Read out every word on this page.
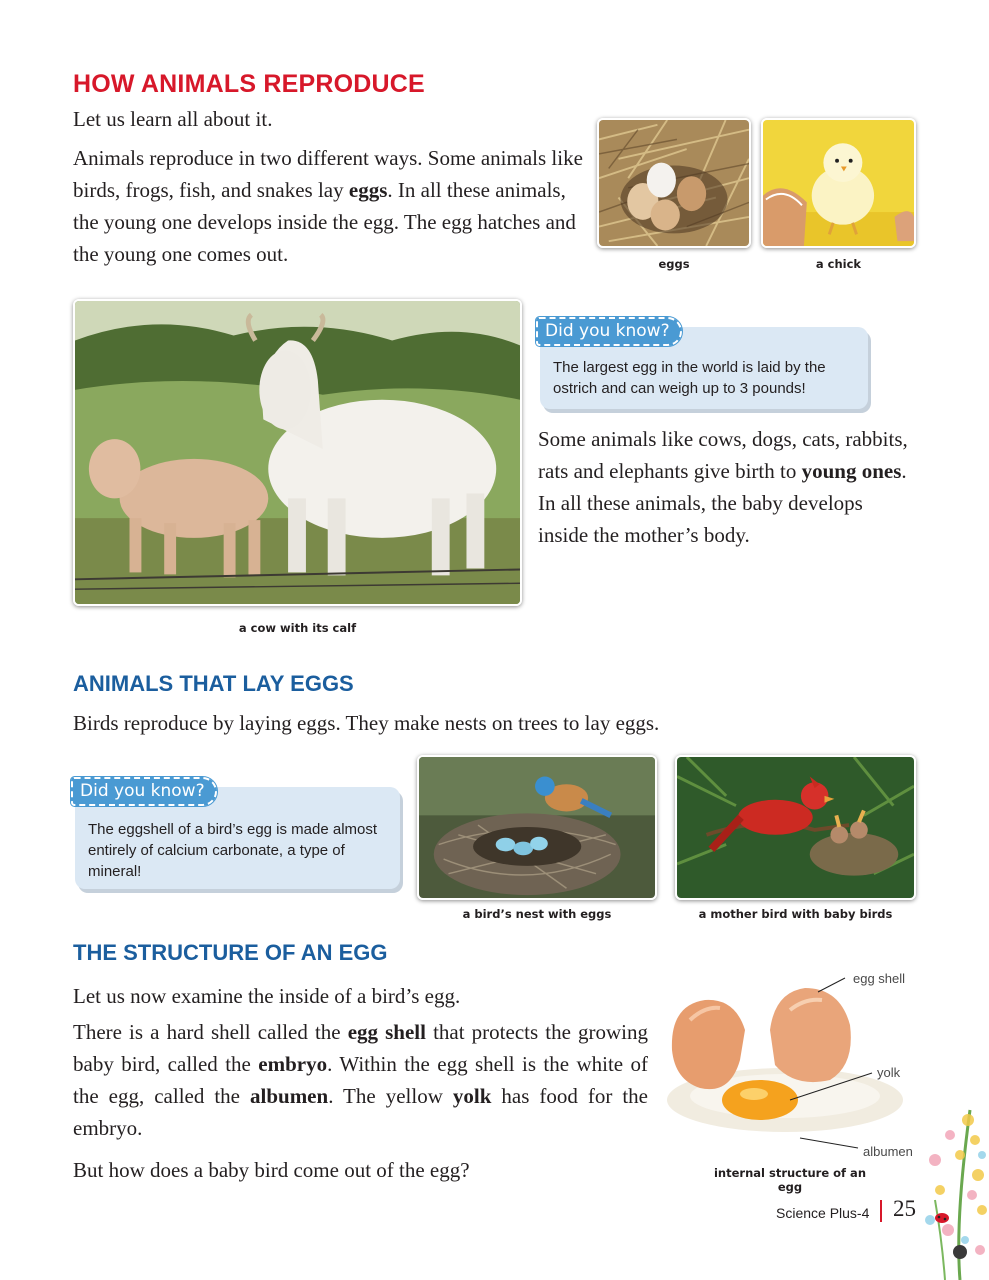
HOW ANIMALS REPRODUCE
Let us learn all about it.
Animals reproduce in two different ways. Some animals like birds, frogs, fish, and snakes lay eggs. In all these animals, the young one develops inside the egg. The egg hatches and the young one comes out.	eggs	a chick
a cow with its calf
Did you know?
The largest egg in the world is laid by the ostrich and can weigh up to 3 pounds!
Some animals like cows, dogs, cats, rabbits, rats and elephants give birth to young ones. In all these animals, the baby develops inside the mother’s body.
ANIMALS THAT LAY EGGS
Birds reproduce by laying eggs. They make nests on trees to lay eggs.
Did you know?
The eggshell of a bird’s egg is made almost entirely of calcium carbonate, a type of mineral!
a bird’s nest with eggs	a mother bird with baby birds
THE STRUCTURE OF AN EGG
Let us now examine the inside of a bird’s egg.
There is a hard shell called the egg shell that protects the growing baby bird, called the embryo. Within the egg shell is the white of the egg, called the albumen. The yellow yolk has food for the embryo.
But how does a baby bird come out of the egg?
egg shell
yolk
albumen
internal structure of an egg
Science Plus-4 25
